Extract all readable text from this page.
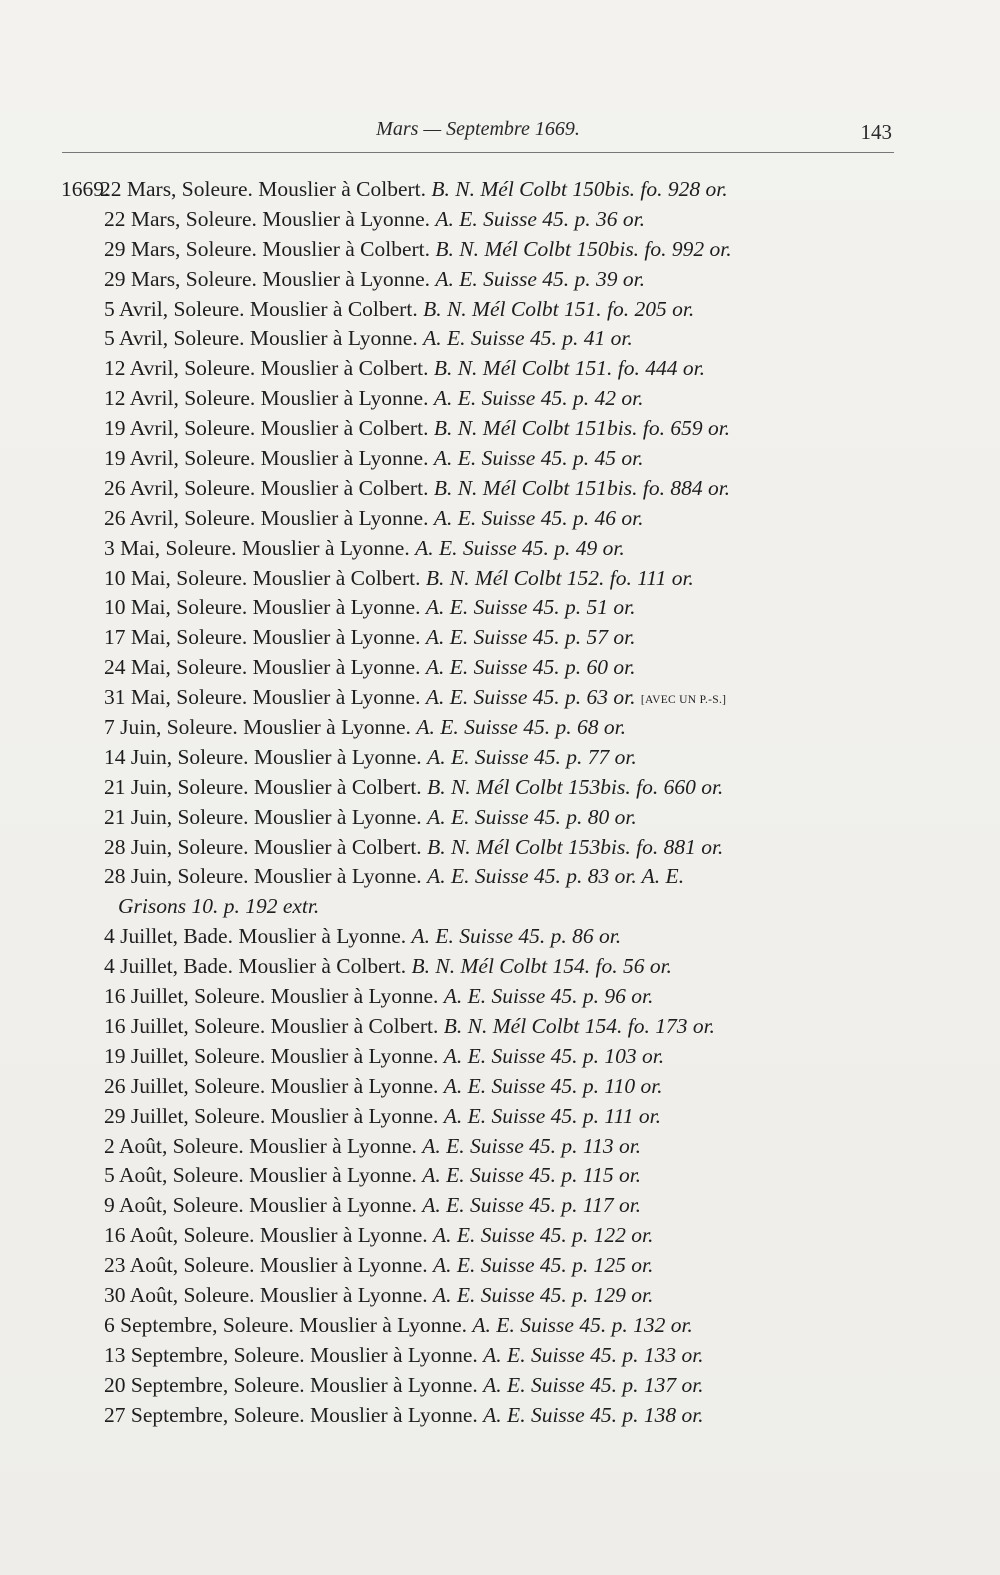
Mars — Septembre 1669.	143
1669.
22 Mars, Soleure. Mouslier à Colbert. B. N. Mél Colbt 150bis. fo. 928 or.
22 Mars, Soleure. Mouslier à Lyonne. A. E. Suisse 45. p. 36 or.
29 Mars, Soleure. Mouslier à Colbert. B. N. Mél Colbt 150bis. fo. 992 or.
29 Mars, Soleure. Mouslier à Lyonne. A. E. Suisse 45. p. 39 or.
5 Avril, Soleure. Mouslier à Colbert. B. N. Mél Colbt 151. fo. 205 or.
5 Avril, Soleure. Mouslier à Lyonne. A. E. Suisse 45. p. 41 or.
12 Avril, Soleure. Mouslier à Colbert. B. N. Mél Colbt 151. fo. 444 or.
12 Avril, Soleure. Mouslier à Lyonne. A. E. Suisse 45. p. 42 or.
19 Avril, Soleure. Mouslier à Colbert. B. N. Mél Colbt 151bis. fo. 659 or.
19 Avril, Soleure. Mouslier à Lyonne. A. E. Suisse 45. p. 45 or.
26 Avril, Soleure. Mouslier à Colbert. B. N. Mél Colbt 151bis. fo. 884 or.
26 Avril, Soleure. Mouslier à Lyonne. A. E. Suisse 45. p. 46 or.
3 Mai, Soleure. Mouslier à Lyonne. A. E. Suisse 45. p. 49 or.
10 Mai, Soleure. Mouslier à Colbert. B. N. Mél Colbt 152. fo. 111 or.
10 Mai, Soleure. Mouslier à Lyonne. A. E. Suisse 45. p. 51 or.
17 Mai, Soleure. Mouslier à Lyonne. A. E. Suisse 45. p. 57 or.
24 Mai, Soleure. Mouslier à Lyonne. A. E. Suisse 45. p. 60 or.
31 Mai, Soleure. Mouslier à Lyonne. A. E. Suisse 45. p. 63 or. [AVEC UN P.-S.]
7 Juin, Soleure. Mouslier à Lyonne. A. E. Suisse 45. p. 68 or.
14 Juin, Soleure. Mouslier à Lyonne. A. E. Suisse 45. p. 77 or.
21 Juin, Soleure. Mouslier à Colbert. B. N. Mél Colbt 153bis. fo. 660 or.
21 Juin, Soleure. Mouslier à Lyonne. A. E. Suisse 45. p. 80 or.
28 Juin, Soleure. Mouslier à Colbert. B. N. Mél Colbt 153bis. fo. 881 or.
28 Juin, Soleure. Mouslier à Lyonne. A. E. Suisse 45. p. 83 or. A. E.
Grisons 10. p. 192 extr.
4 Juillet, Bade. Mouslier à Lyonne. A. E. Suisse 45. p. 86 or.
4 Juillet, Bade. Mouslier à Colbert. B. N. Mél Colbt 154. fo. 56 or.
16 Juillet, Soleure. Mouslier à Lyonne. A. E. Suisse 45. p. 96 or.
16 Juillet, Soleure. Mouslier à Colbert. B. N. Mél Colbt 154. fo. 173 or.
19 Juillet, Soleure. Mouslier à Lyonne. A. E. Suisse 45. p. 103 or.
26 Juillet, Soleure. Mouslier à Lyonne. A. E. Suisse 45. p. 110 or.
29 Juillet, Soleure. Mouslier à Lyonne. A. E. Suisse 45. p. 111 or.
2 Août, Soleure. Mouslier à Lyonne. A. E. Suisse 45. p. 113 or.
5 Août, Soleure. Mouslier à Lyonne. A. E. Suisse 45. p. 115 or.
9 Août, Soleure. Mouslier à Lyonne. A. E. Suisse 45. p. 117 or.
16 Août, Soleure. Mouslier à Lyonne. A. E. Suisse 45. p. 122 or.
23 Août, Soleure. Mouslier à Lyonne. A. E. Suisse 45. p. 125 or.
30 Août, Soleure. Mouslier à Lyonne. A. E. Suisse 45. p. 129 or.
6 Septembre, Soleure. Mouslier à Lyonne. A. E. Suisse 45. p. 132 or.
13 Septembre, Soleure. Mouslier à Lyonne. A. E. Suisse 45. p. 133 or.
20 Septembre, Soleure. Mouslier à Lyonne. A. E. Suisse 45. p. 137 or.
27 Septembre, Soleure. Mouslier à Lyonne. A. E. Suisse 45. p. 138 or.
